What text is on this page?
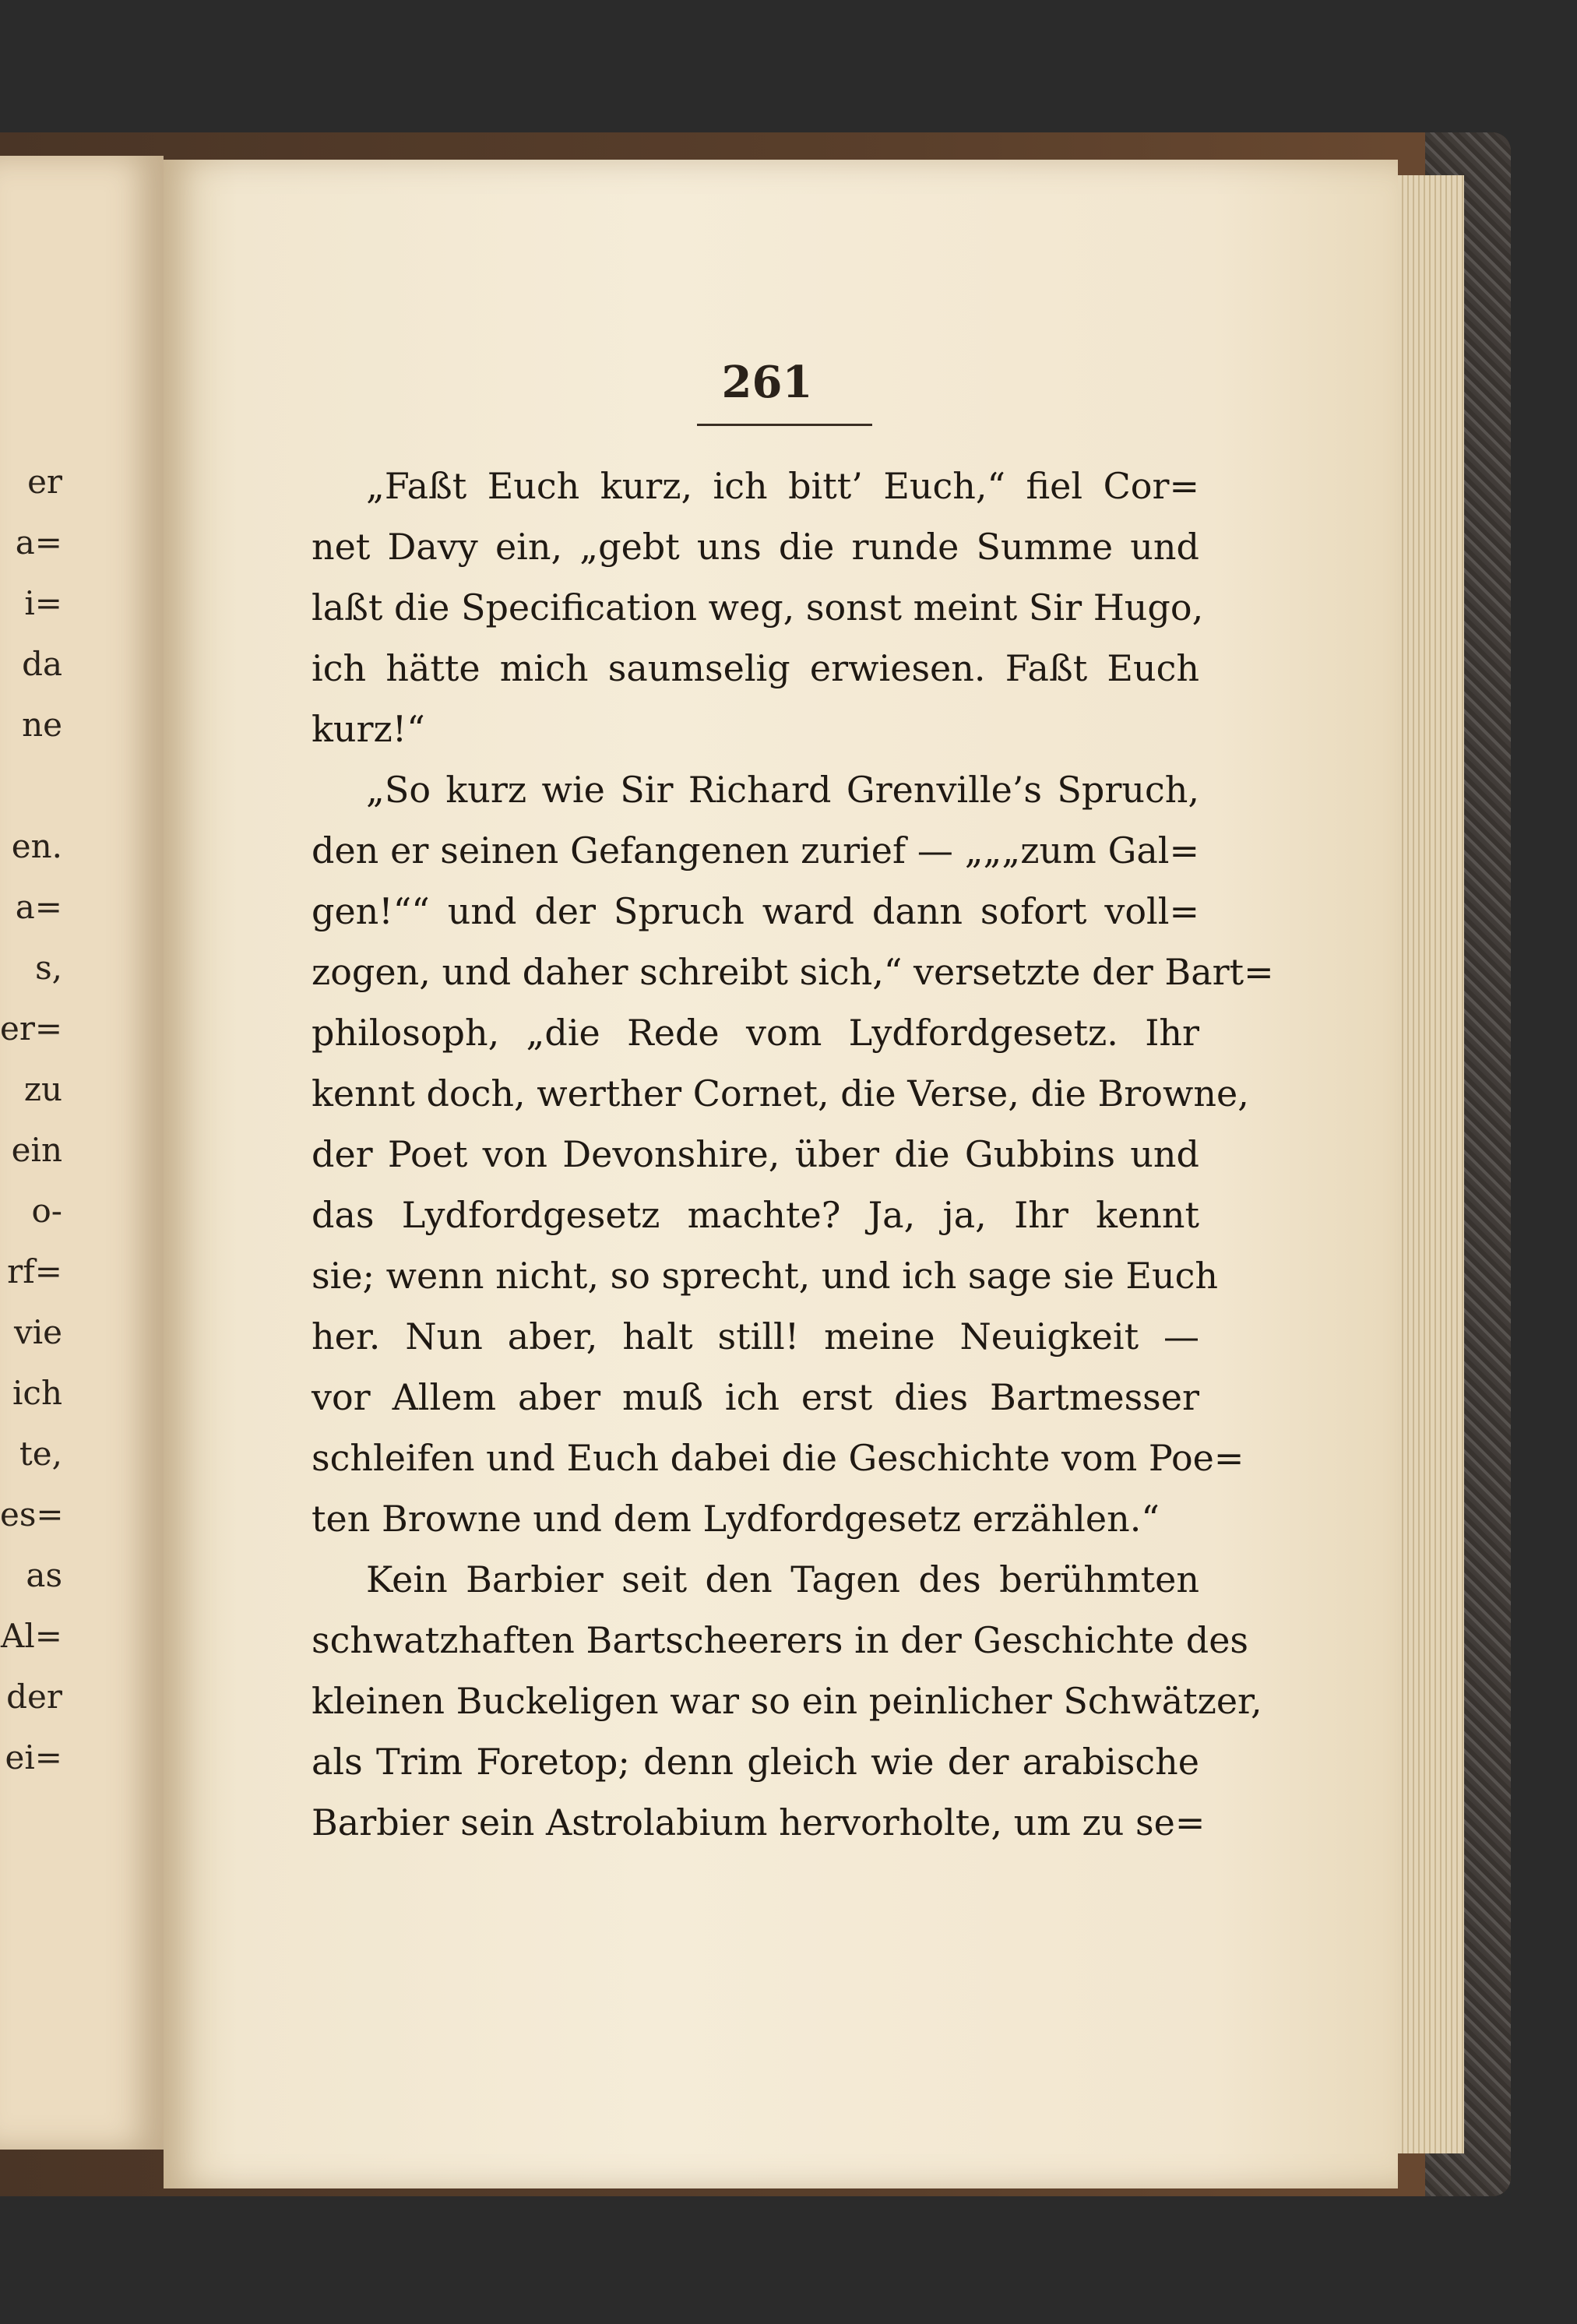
er
a=
i=
da
ne
en.
a=
s,
er=
zu
ein
o-
rf=
vie
ich
te,
es=
as
Al=
der
ei=
261
„Faßt Euch kurz, ich bitt’ Euch,“ fiel Cor=
net Davy ein, „gebt uns die runde Summe und
laßt die Specification weg, sonst meint Sir Hugo,
ich hätte mich saumselig erwiesen. Faßt Euch
kurz!“
„So kurz wie Sir Richard Grenville’s Spruch,
den er seinen Gefangenen zurief — „„„zum Gal=
gen!““ und der Spruch ward dann sofort voll=
zogen, und daher schreibt sich,“ versetzte der Bart=
philosoph, „die Rede vom Lydfordgesetz. Ihr
kennt doch, werther Cornet, die Verse, die Browne,
der Poet von Devonshire, über die Gubbins und
das Lydfordgesetz machte? Ja, ja, Ihr kennt
sie; wenn nicht, so sprecht, und ich sage sie Euch
her. Nun aber, halt still! meine Neuigkeit —
vor Allem aber muß ich erst dies Bartmesser
schleifen und Euch dabei die Geschichte vom Poe=
ten Browne und dem Lydfordgesetz erzählen.“
Kein Barbier seit den Tagen des berühmten
schwatzhaften Bartscheerers in der Geschichte des
kleinen Buckeligen war so ein peinlicher Schwätzer,
als Trim Foretop; denn gleich wie der arabische
Barbier sein Astrolabium hervorholte, um zu se=
